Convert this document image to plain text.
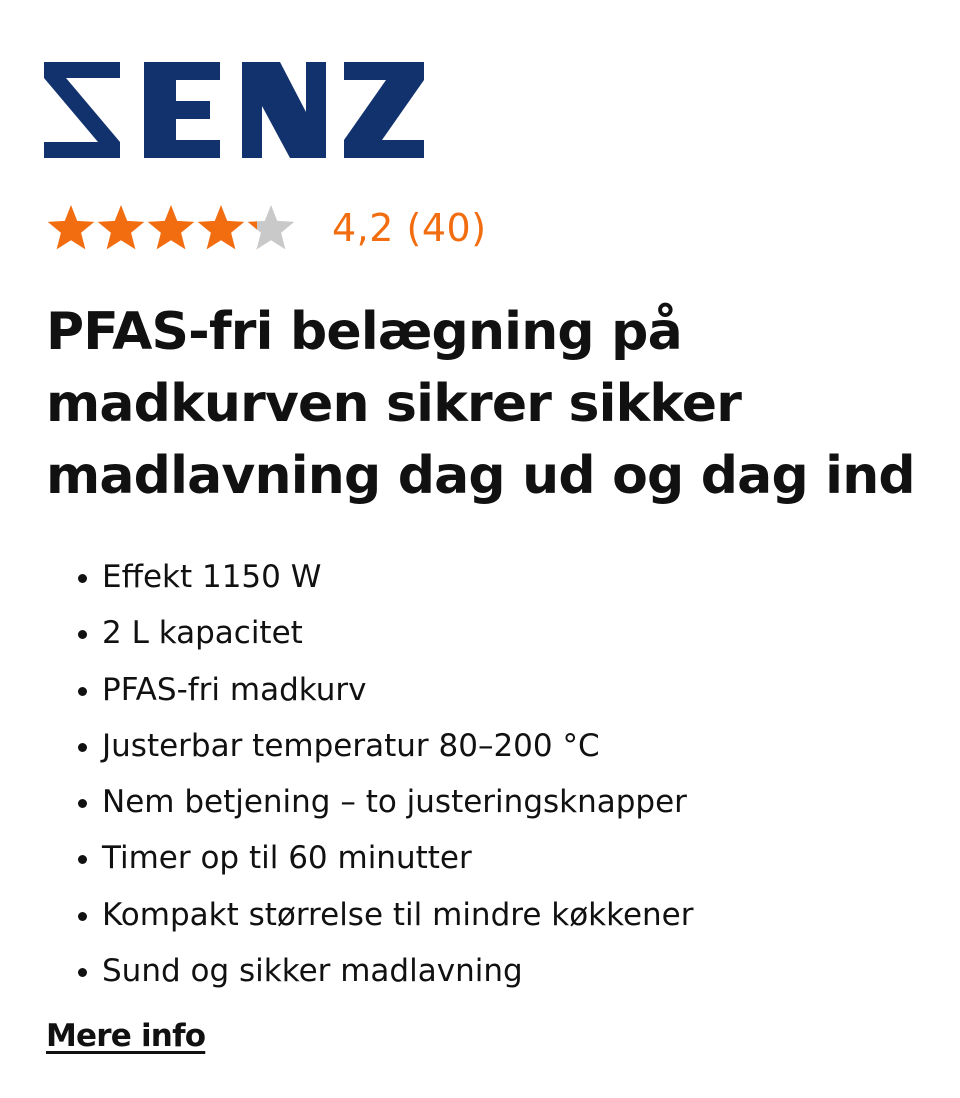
4,2 (40)
PFAS-fri belægning på madkurven sikrer sikker madlavning dag ud og dag ind
• Effekt 1150 W
• 2 L kapacitet
• PFAS-fri madkurv
• Justerbar temperatur 80–200 °C
• Nem betjening – to justeringsknapper
• Timer op til 60 minutter
• Kompakt størrelse til mindre køkkener
• Sund og sikker madlavning
Mere info
